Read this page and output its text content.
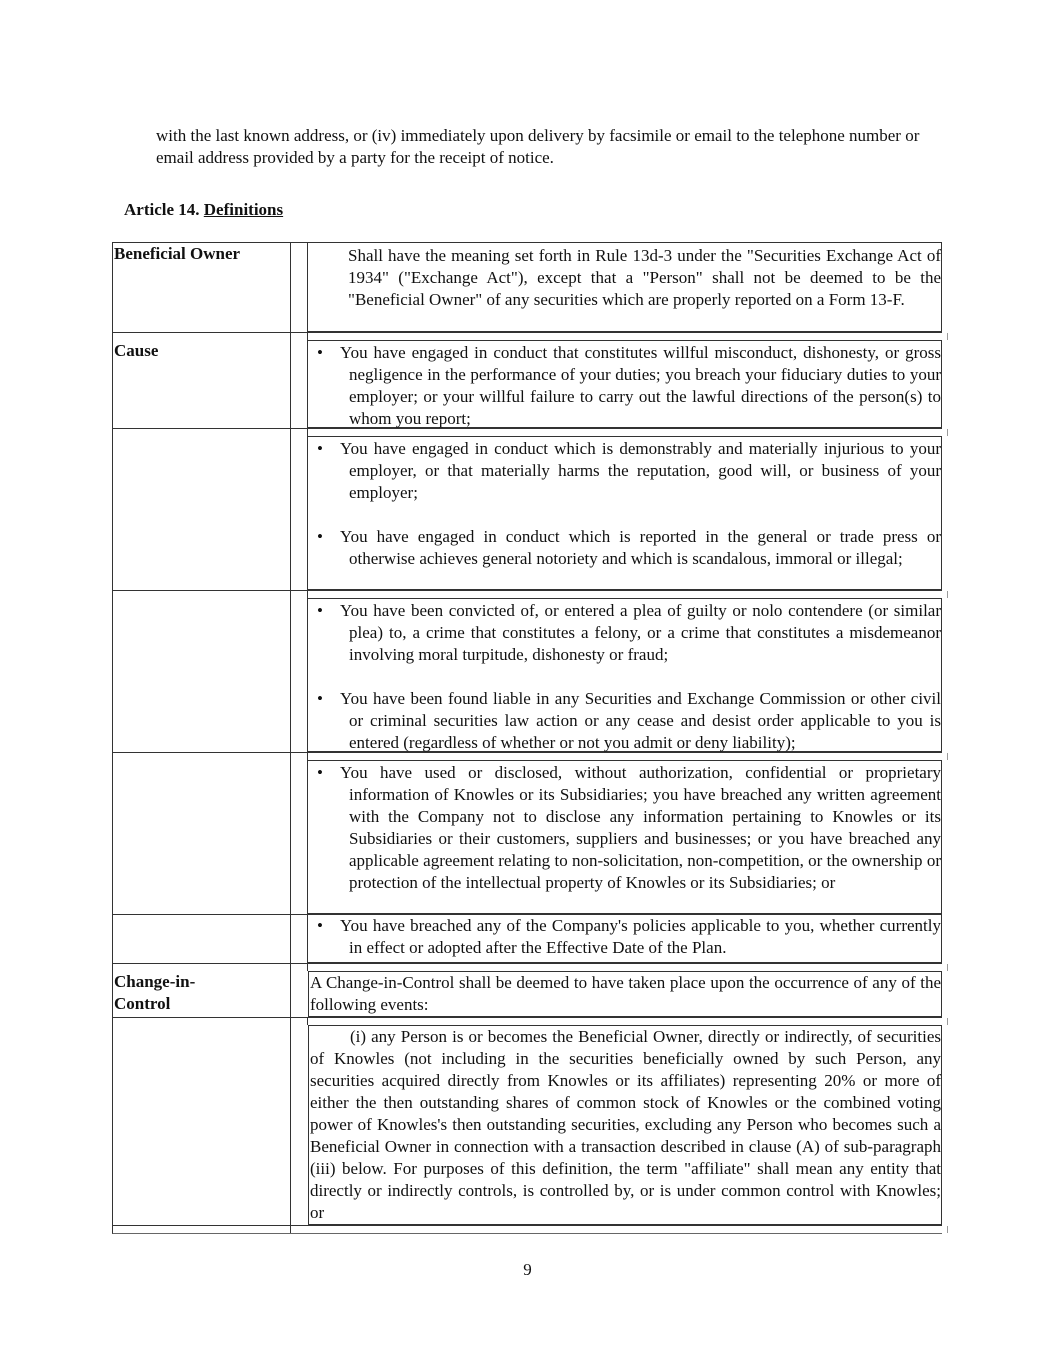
with the last known address, or (iv) immediately upon delivery by facsimile or email to the telephone number or email address provided by a party for the receipt of notice.
Article 14. Definitions
Beneficial Owner	Shall have the meaning set forth in Rule 13d-3 under the "Securities Exchange Act of 1934" ("Exchange Act"), except that a "Person" shall not be deemed to be the "Beneficial Owner" of any securities which are properly reported on a Form 13-F.
Cause	• You have engaged in conduct that constitutes willful misconduct, dishonesty, or gross negligence in the performance of your duties; you breach your fiduciary duties to your employer; or your willful failure to carry out the lawful directions of the person(s) to whom you report;
• You have engaged in conduct which is demonstrably and materially injurious to your employer, or that materially harms the reputation, good will, or business of your employer;
• You have engaged in conduct which is reported in the general or trade press or otherwise achieves general notoriety and which is scandalous, immoral or illegal;
• You have been convicted of, or entered a plea of guilty or nolo contendere (or similar plea) to, a crime that constitutes a felony, or a crime that constitutes a misdemeanor involving moral turpitude, dishonesty or fraud;
• You have been found liable in any Securities and Exchange Commission or other civil or criminal securities law action or any cease and desist order applicable to you is entered (regardless of whether or not you admit or deny liability);
• You have used or disclosed, without authorization, confidential or proprietary information of Knowles or its Subsidiaries; you have breached any written agreement with the Company not to disclose any information pertaining to Knowles or its Subsidiaries or their customers, suppliers and businesses; or you have breached any applicable agreement relating to non-solicitation, non-competition, or the ownership or protection of the intellectual property of Knowles or its Subsidiaries; or
• You have breached any of the Company's policies applicable to you, whether currently in effect or adopted after the Effective Date of the Plan.
Change-in-
Control
A Change-in-Control shall be deemed to have taken place upon the occurrence of any of the following events:
(i) any Person is or becomes the Beneficial Owner, directly or indirectly, of securities of Knowles (not including in the securities beneficially owned by such Person, any securities acquired directly from Knowles or its affiliates) representing 20% or more of either the then outstanding shares of common stock of Knowles or the combined voting power of Knowles's then outstanding securities, excluding any Person who becomes such a Beneficial Owner in connection with a transaction described in clause (A) of sub-paragraph (iii) below. For purposes of this definition, the term "affiliate" shall mean any entity that directly or indirectly controls, is controlled by, or is under common control with Knowles; or
9
